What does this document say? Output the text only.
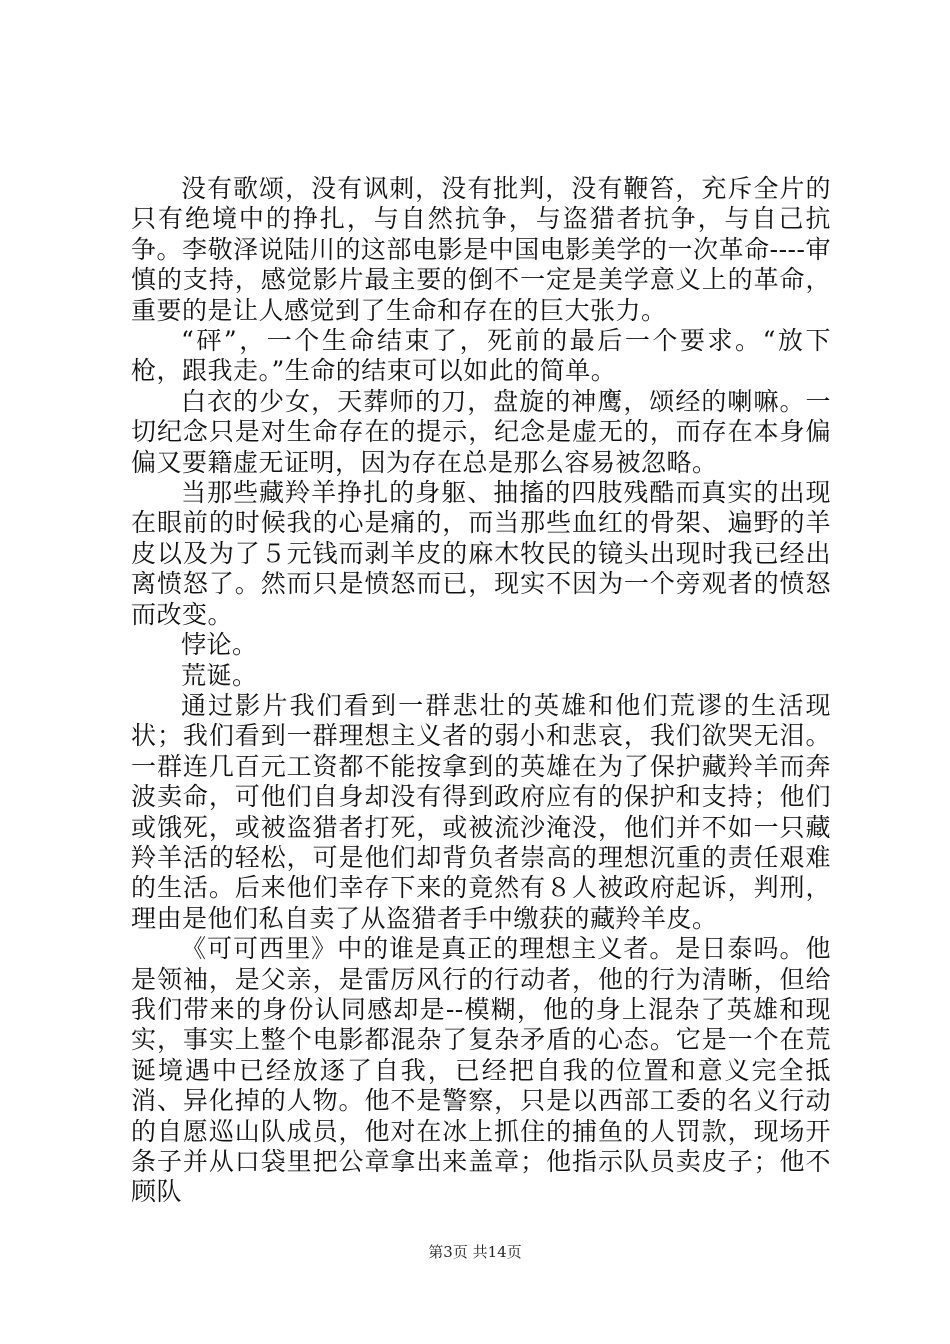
没有歌颂，没有讽刺，没有批判，没有鞭笞，充斥全片的只有绝境中的挣扎，与自然抗争，与盗猎者抗争，与自己抗争。李敬泽说陆川的这部电影是中国电影美学的一次革命----审慎的支持，感觉影片最主要的倒不一定是美学意义上的革命，重要的是让人感觉到了生命和存在的巨大张力。

“砰”，一个生命结束了，死前的最后一个要求。“放下枪，跟我走。”生命的结束可以如此的简单。

白衣的少女，天葬师的刀，盘旋的神鹰，颂经的喇嘛。一切纪念只是对生命存在的提示，纪念是虚无的，而存在本身偏偏又要籍虚无证明，因为存在总是那么容易被忽略。

当那些藏羚羊挣扎的身躯、抽搐的四肢残酷而真实的出现在眼前的时候我的心是痛的，而当那些血红的骨架、遍野的羊皮以及为了５元钱而剥羊皮的麻木牧民的镜头出现时我已经出离愤怒了。然而只是愤怒而已，现实不因为一个旁观者的愤怒而改变。

悖论。

荒诞。

通过影片我们看到一群悲壮的英雄和他们荒谬的生活现状；我们看到一群理想主义者的弱小和悲哀，我们欲哭无泪。一群连几百元工资都不能按拿到的英雄在为了保护藏羚羊而奔波卖命，可他们自身却没有得到政府应有的保护和支持；他们或饿死，或被盗猎者打死，或被流沙淹没，他们并不如一只藏羚羊活的轻松，可是他们却背负者崇高的理想沉重的责任艰难的生活。后来他们幸存下来的竟然有８人被政府起诉，判刑，理由是他们私自卖了从盗猎者手中缴获的藏羚羊皮。

《可可西里》中的谁是真正的理想主义者。是日泰吗。他是领袖，是父亲，是雷厉风行的行动者，他的行为清晰，但给我们带来的身份认同感却是--模糊，他的身上混杂了英雄和现实，事实上整个电影都混杂了复杂矛盾的心态。它是一个在荒诞境遇中已经放逐了自我，已经把自我的位置和意义完全抵消、异化掉的人物。他不是警察，只是以西部工委的名义行动的自愿巡山队成员，他对在冰上抓住的捕鱼的人罚款，现场开条子并从口袋里把公章拿出来盖章；他指示队员卖皮子；他不顾队

第3页 共14页
